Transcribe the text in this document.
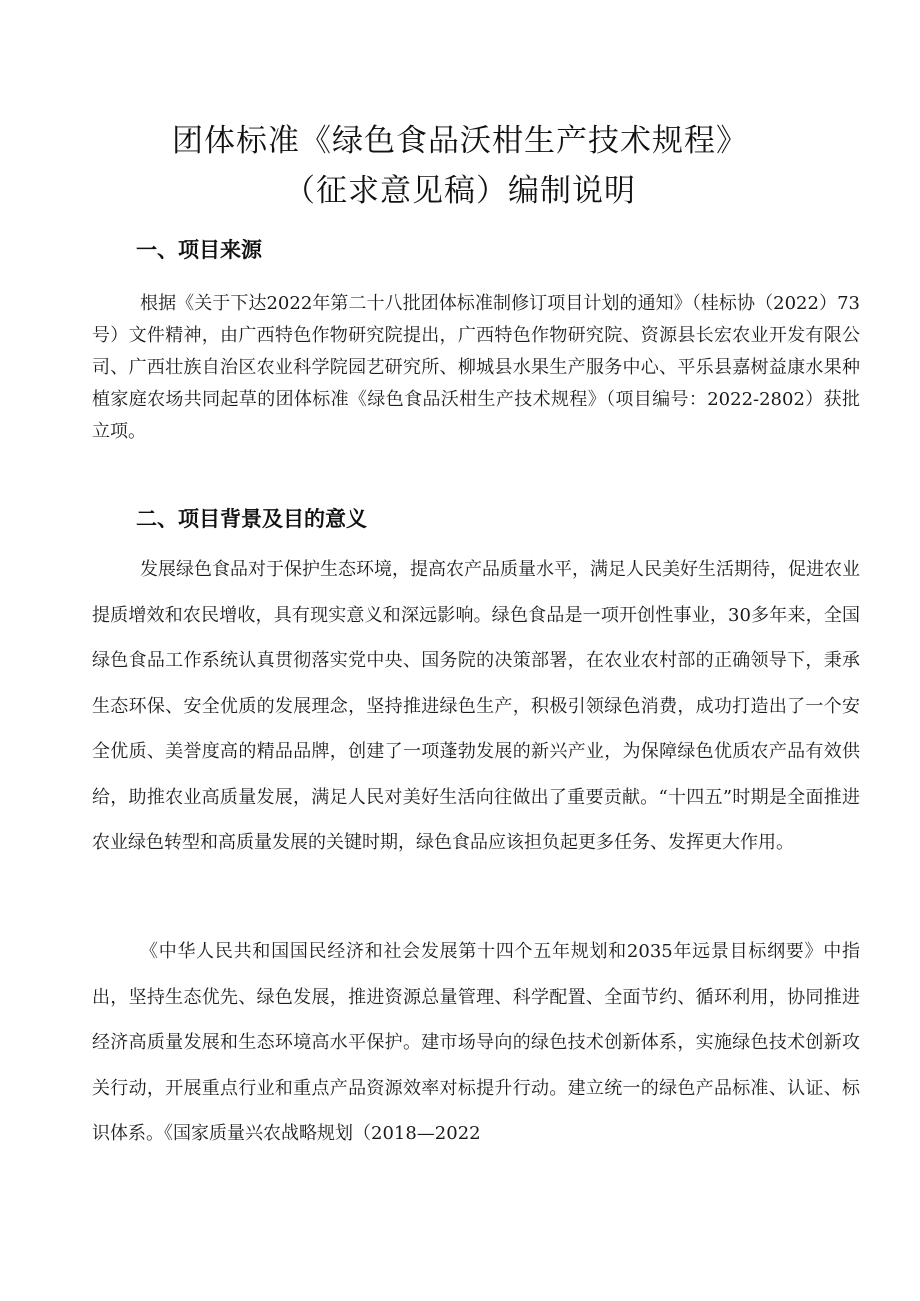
团体标准《绿色食品沃柑生产技术规程》
（征求意见稿）编制说明
一、项目来源
根据《关于下达2022年第二十八批团体标准制修订项目计划的通知》（桂标协（2022）73号）文件精神，由广西特色作物研究院提出，广西特色作物研究院、资源县长宏农业开发有限公司、广西壮族自治区农业科学院园艺研究所、柳城县水果生产服务中心、平乐县嘉树益康水果种植家庭农场共同起草的团体标准《绿色食品沃柑生产技术规程》（项目编号：2022-2802）获批立项。
二、项目背景及目的意义
发展绿色食品对于保护生态环境，提高农产品质量水平，满足人民美好生活期待，促进农业提质增效和农民增收，具有现实意义和深远影响。绿色食品是一项开创性事业，30多年来，全国绿色食品工作系统认真贯彻落实党中央、国务院的决策部署，在农业农村部的正确领导下，秉承生态环保、安全优质的发展理念，坚持推进绿色生产，积极引领绿色消费，成功打造出了一个安全优质、美誉度高的精品品牌，创建了一项蓬勃发展的新兴产业，为保障绿色优质农产品有效供给，助推农业高质量发展，满足人民对美好生活向往做出了重要贡献。“十四五”时期是全面推进农业绿色转型和高质量发展的关键时期，绿色食品应该担负起更多任务、发挥更大作用。
《中华人民共和国国民经济和社会发展第十四个五年规划和2035年远景目标纲要》中指出，坚持生态优先、绿色发展，推进资源总量管理、科学配置、全面节约、循环利用，协同推进经济高质量发展和生态环境高水平保护。建市场导向的绿色技术创新体系，实施绿色技术创新攻关行动，开展重点行业和重点产品资源效率对标提升行动。建立统一的绿色产品标准、认证、标识体系。《国家质量兴农战略规划（2018—2022
